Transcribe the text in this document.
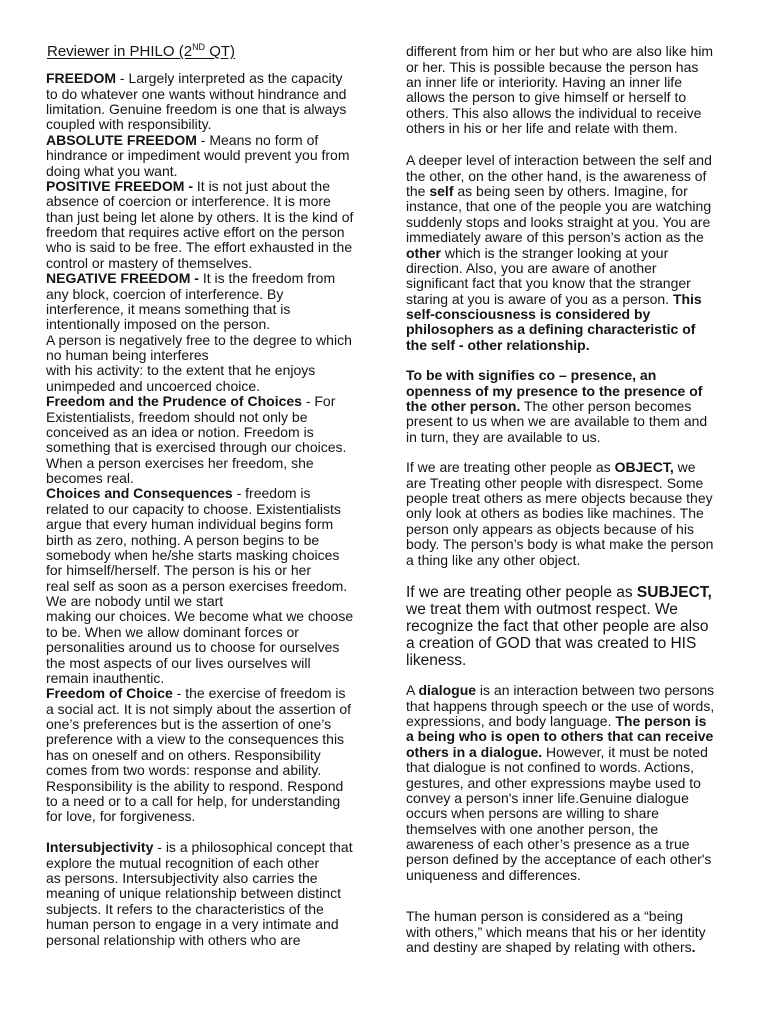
Reviewer in PHILO (2ND QT)

FREEDOM - Largely interpreted as the capacity
to do whatever one wants without hindrance and
limitation. Genuine freedom is one that is always
coupled with responsibility.

ABSOLUTE FREEDOM - Means no form of
hindrance or impediment would prevent you from
doing what you want.

POSITIVE FREEDOM - It is not just about the
absence of coercion or interference. It is more
than just being let alone by others. It is the kind of
freedom that requires active effort on the person
who is said to be free. The effort exhausted in the
control or mastery of themselves.

NEGATIVE FREEDOM - It is the freedom from
any block, coercion of interference. By
interference, it means something that is
intentionally imposed on the person.

A person is negatively free to the degree to which
no human being interferes
with his activity: to the extent that he enjoys
unimpeded and uncoerced choice.

Freedom and the Prudence of Choices - For
Existentialists, freedom should not only be
conceived as an idea or notion. Freedom is
something that is exercised through our choices.
When a person exercises her freedom, she
becomes real.

Choices and Consequences - freedom is
related to our capacity to choose. Existentialists
argue that every human individual begins form
birth as zero, nothing. A person begins to be
somebody when he/she starts masking choices
for himself/herself. The person is his or her
real self as soon as a person exercises freedom.
We are nobody until we start
making our choices. We become what we choose
to be. When we allow dominant forces or
personalities around us to choose for ourselves
the most aspects of our lives ourselves will
remain inauthentic.

Freedom of Choice - the exercise of freedom is
a social act. It is not simply about the assertion of
one’s preferences but is the assertion of one’s
preference with a view to the consequences this
has on oneself and on others. Responsibility
comes from two words: response and ability.
Responsibility is the ability to respond. Respond
to a need or to a call for help, for understanding
for love, for forgiveness.

Intersubjectivity - is a philosophical concept that
explore the mutual recognition of each other
as persons. Intersubjectivity also carries the
meaning of unique relationship between distinct
subjects. It refers to the characteristics of the
human person to engage in a very intimate and
personal relationship with others who are

different from him or her but who are also like him
or her. This is possible because the person has
an inner life or interiority. Having an inner life
allows the person to give himself or herself to
others. This also allows the individual to receive
others in his or her life and relate with them.

A deeper level of interaction between the self and
the other, on the other hand, is the awareness of
the self as being seen by others. Imagine, for
instance, that one of the people you are watching
suddenly stops and looks straight at you. You are
immediately aware of this person’s action as the
other which is the stranger looking at your
direction. Also, you are aware of another
significant fact that you know that the stranger
staring at you is aware of you as a person. This
self-consciousness is considered by
philosophers as a defining characteristic of
the self - other relationship.

To be with signifies co – presence, an
openness of my presence to the presence of
the other person. The other person becomes
present to us when we are available to them and
in turn, they are available to us.

If we are treating other people as OBJECT, we
are Treating other people with disrespect. Some
people treat others as mere objects because they
only look at others as bodies like machines. The
person only appears as objects because of his
body. The person’s body is what make the person
a thing like any other object.

If we are treating other people as SUBJECT,
we treat them with outmost respect. We
recognize the fact that other people are also
a creation of GOD that was created to HIS
likeness.

A dialogue is an interaction between two persons
that happens through speech or the use of words,
expressions, and body language. The person is
a being who is open to others that can receive
others in a dialogue. However, it must be noted
that dialogue is not confined to words. Actions,
gestures, and other expressions maybe used to
convey a person's inner life.Genuine dialogue
occurs when persons are willing to share
themselves with one another person, the
awareness of each other’s presence as a true
person defined by the acceptance of each other's
uniqueness and differences.

The human person is considered as a “being
with others,” which means that his or her identity
and destiny are shaped by relating with others.
